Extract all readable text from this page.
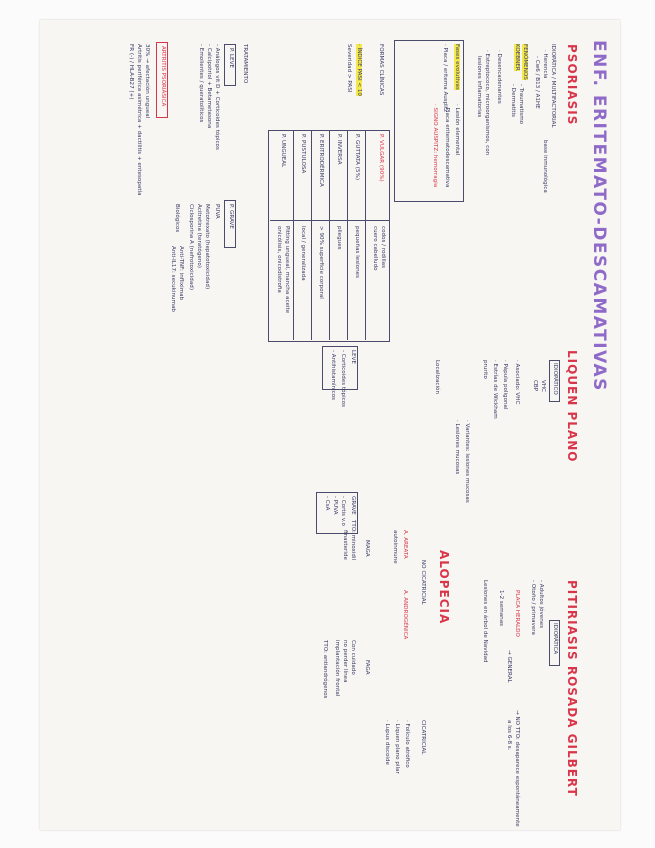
ENF. ERITEMATO-DESCAMATIVAS
PSORIASIS
IDIOPÁTICA / MULTIFACTORIAL
· Herencia
- Cw6 / B13 / A1HE
base inmunológica
FENÓMENOS
KOEBNER
- Traumatismo
- Dermatitis
· Desencadenantes
· Estreptococo, microorganismos, con
lesiones inflamatorias
Fases evolutivas
· Placa / eritema Auspitz
· Lesión elemental
· Placa eritematodescamativa
· SIGNO AUSPITZ: hemorragia
FORMAS CLÍNICAS
P. VULGAR (90%)
codos / rodillas
cuero cabelludo
P. GUTTATA (5%)
pequeñas lesiones
P. INVERSA
pliegues
P. ERITRODÉRMICA
> 90% superficie corporal
P. PUSTULOSA
local / generalizada
P. UNGUEAL
Pitting ungueal, mancha aceite
onicólisis, onicodistrofia
· ÍNDICE PASI < 10
Severidad > PASI
TRATAMIENTO
P. LEVE
- Análogos vit D + Corticoides tópicos
- Calcipotriol + Betametasona
- Emolientes / queratolíticos
P. GRAVE
PUVA
Metotrexato (hepatotoxicidad)
Acitretina (teratógeno)
Ciclosporina A (nefrotoxicidad)
Biológicos
Anti-TNF: infliximab
Anti-IL17: secukinumab
ARTRITIS PSORIÁSICA
30% → afectación ungueal
Artritis periférica asimétrica + dactilitis + entesopatía
FR (-) / HLA-B27 (+)
LIQUEN PLANO
IDIOPÁTICO
VHC
CBP
· Asociado: VHC
· Pápula poligonal
· Estrías de Wickham
prurito
· Variantes: lesiones mucosas
· Lesiones mucosas
Localización
LEVE
- Corticoides tópicos
- Antihistamínicos
GRAVE
- Cortis v.o
- PUVA
- CsA
PITIRIASIS ROSADA GILBERT
IDIOPÁTICA
- Adultos jóvenes
- Otoño / primavera
PLACA HERALDO
→ GENERAL
1-2 semanas
→ NO TTO: desaparece espontáneamente
a los 6-8 s.
Lesiones en árbol de Navidad
ALOPECIA
NO CICATRICIAL
CICATRICIAL
A. AREATA
autoinmune
A. ANDROGÉNICA
· Folículo atrófico
· Liquen plano pilar
· Lupus discoide
MAGA
TTO: minoxidil
finasteride
FAGA
Con cuidado
no perder línea
implantación frontal
TTO: antiandrógenos
